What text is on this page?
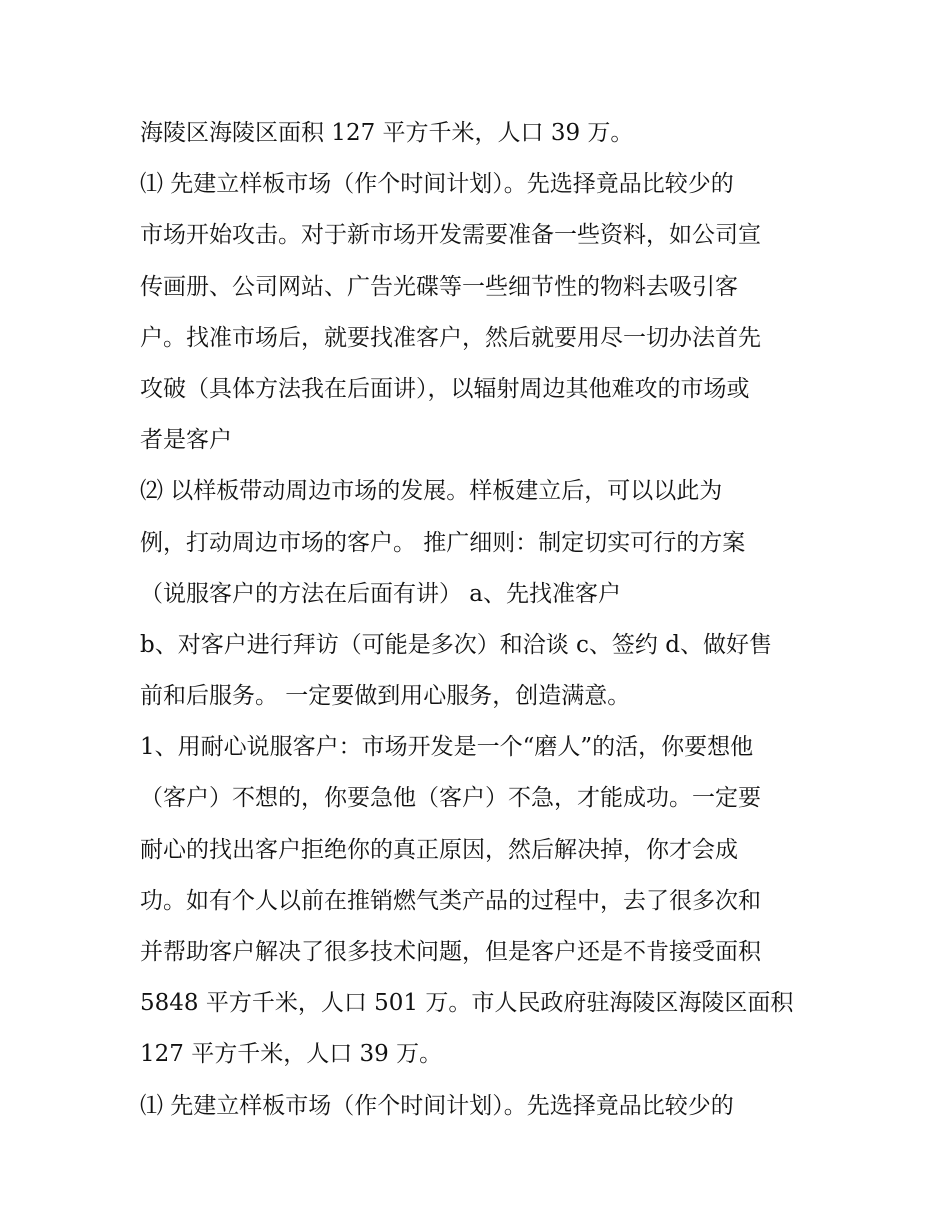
海陵区海陵区面积 127 平方千米，人口 39 万。
⑴ 先建立样板市场（作个时间计划）。先选择竟品比较少的
市场开始攻击。对于新市场开发需要准备一些资料，如公司宣
传画册、公司网站、广告光碟等一些细节性的物料去吸引客
户。找准市场后，就要找准客户，然后就要用尽一切办法首先
攻破（具体方法我在后面讲），以辐射周边其他难攻的市场或
者是客户
⑵ 以样板带动周边市场的发展。样板建立后，可以以此为
例，打动周边市场的客户。 推广细则：制定切实可行的方案
（说服客户的方法在后面有讲） a、先找准客户
b、对客户进行拜访（可能是多次）和洽谈 c、签约 d、做好售
前和后服务。 一定要做到用心服务，创造满意。
1、用耐心说服客户：市场开发是一个“磨人”的活，你要想他
（客户）不想的，你要急他（客户）不急，才能成功。一定要
耐心的找出客户拒绝你的真正原因，然后解决掉，你才会成
功。如有个人以前在推销燃气类产品的过程中，去了很多次和
并帮助客户解决了很多技术问题，但是客户还是不肯接受面积
5848 平方千米，人口 501 万。市人民政府驻海陵区海陵区面积
127 平方千米，人口 39 万。
⑴ 先建立样板市场（作个时间计划）。先选择竟品比较少的
